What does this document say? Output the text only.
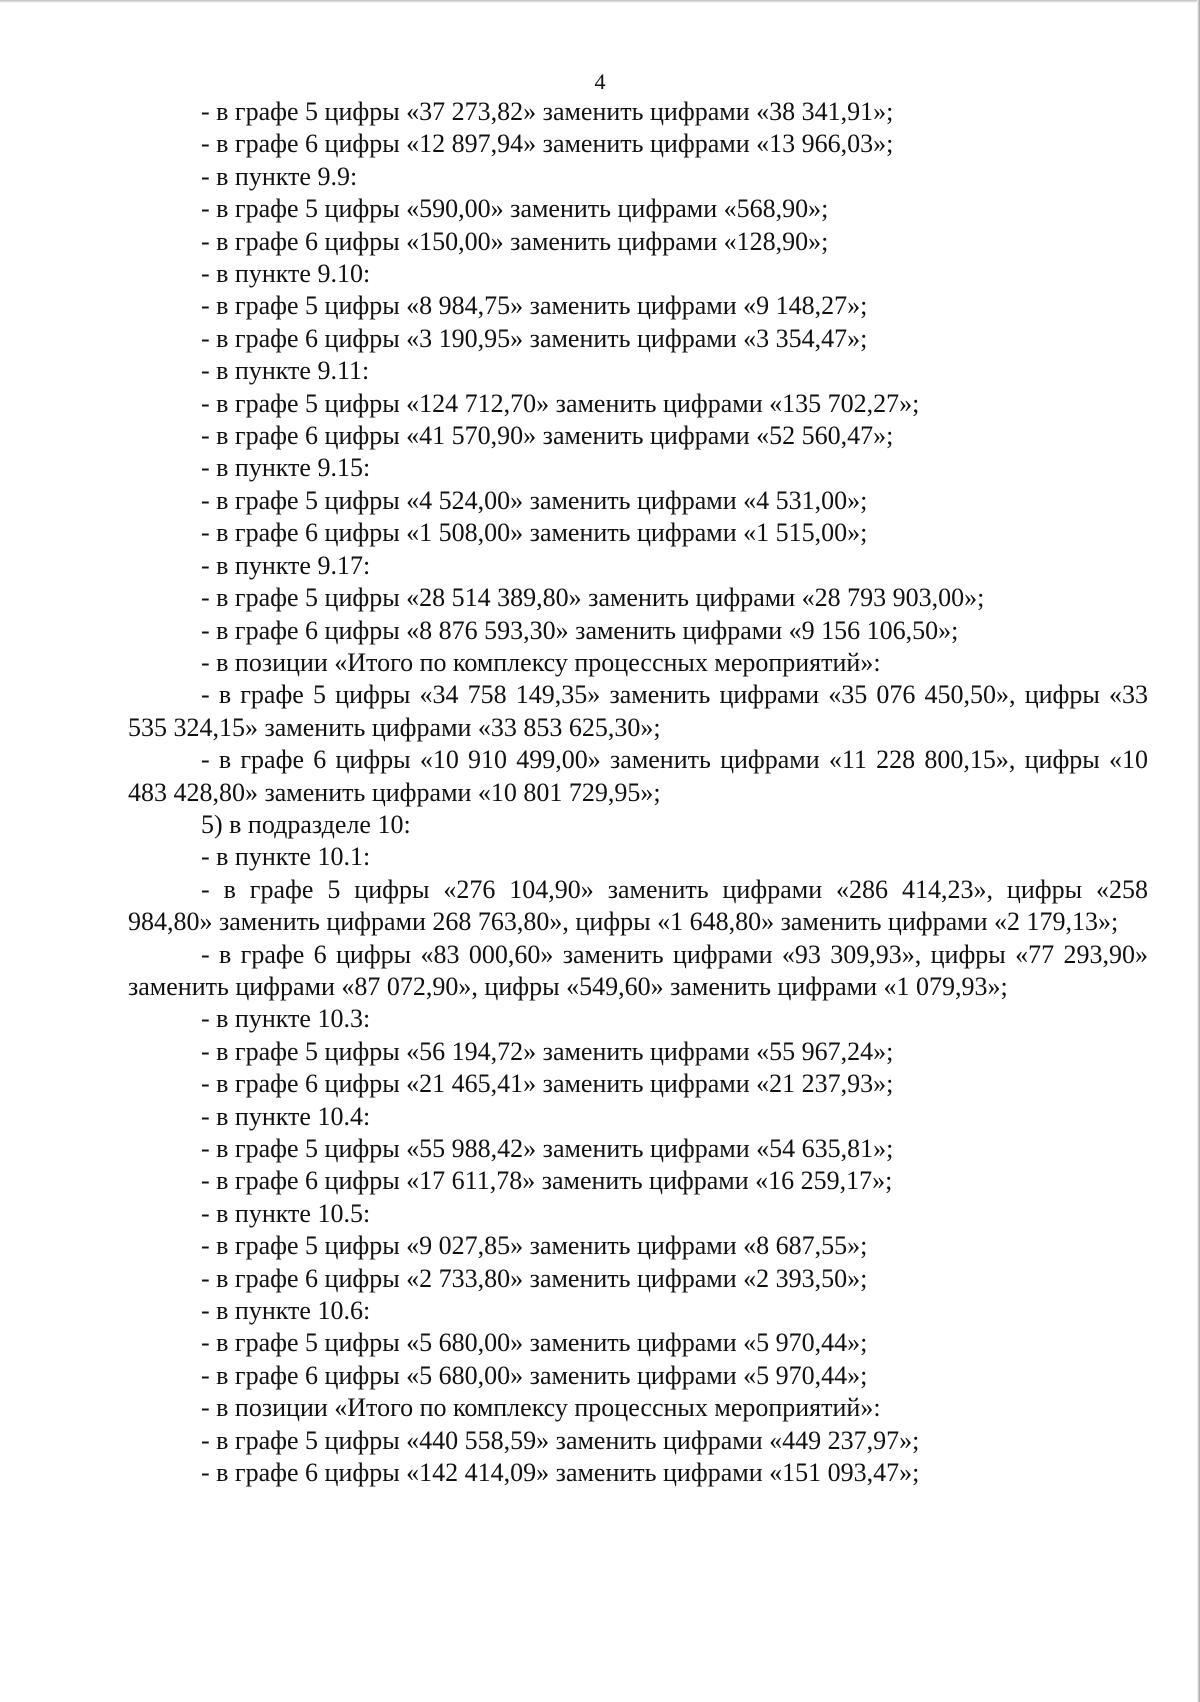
4
- в графе 5 цифры «37 273,82» заменить цифрами «38 341,91»;
- в графе 6 цифры «12 897,94» заменить цифрами «13 966,03»;
- в пункте 9.9:
- в графе 5 цифры «590,00» заменить цифрами «568,90»;
- в графе 6 цифры «150,00» заменить цифрами «128,90»;
- в пункте 9.10:
- в графе 5 цифры «8 984,75» заменить цифрами «9 148,27»;
- в графе 6 цифры «3 190,95» заменить цифрами «3 354,47»;
- в пункте 9.11:
- в графе 5 цифры «124 712,70» заменить цифрами «135 702,27»;
- в графе 6 цифры «41 570,90» заменить цифрами «52 560,47»;
- в пункте 9.15:
- в графе 5 цифры «4 524,00» заменить цифрами «4 531,00»;
- в графе 6 цифры «1 508,00» заменить цифрами «1 515,00»;
- в пункте 9.17:
- в графе 5 цифры «28 514 389,80» заменить цифрами «28 793 903,00»;
- в графе 6 цифры «8 876 593,30» заменить цифрами «9 156 106,50»;
- в позиции «Итого по комплексу процессных мероприятий»:
- в графе 5 цифры «34 758 149,35» заменить цифрами «35 076 450,50», цифры «33 535 324,15» заменить цифрами «33 853 625,30»;
- в графе 6 цифры «10 910 499,00» заменить цифрами «11 228 800,15», цифры «10 483 428,80» заменить цифрами «10 801 729,95»;
5) в подразделе 10:
- в пункте 10.1:
- в графе 5 цифры «276 104,90» заменить цифрами «286 414,23», цифры «258 984,80» заменить цифрами 268 763,80», цифры «1 648,80» заменить цифрами «2 179,13»;
- в графе 6 цифры «83 000,60» заменить цифрами «93 309,93», цифры «77 293,90» заменить цифрами «87 072,90», цифры «549,60» заменить цифрами «1 079,93»;
- в пункте 10.3:
- в графе 5 цифры «56 194,72» заменить цифрами «55 967,24»;
- в графе 6 цифры «21 465,41» заменить цифрами «21 237,93»;
- в пункте 10.4:
- в графе 5 цифры «55 988,42» заменить цифрами «54 635,81»;
- в графе 6 цифры «17 611,78» заменить цифрами «16 259,17»;
- в пункте 10.5:
- в графе 5 цифры «9 027,85» заменить цифрами «8 687,55»;
- в графе 6 цифры «2 733,80» заменить цифрами «2 393,50»;
- в пункте 10.6:
- в графе 5 цифры «5 680,00» заменить цифрами «5 970,44»;
- в графе 6 цифры «5 680,00» заменить цифрами «5 970,44»;
- в позиции «Итого по комплексу процессных мероприятий»:
- в графе 5 цифры «440 558,59» заменить цифрами «449 237,97»;
- в графе 6 цифры «142 414,09» заменить цифрами «151 093,47»;
